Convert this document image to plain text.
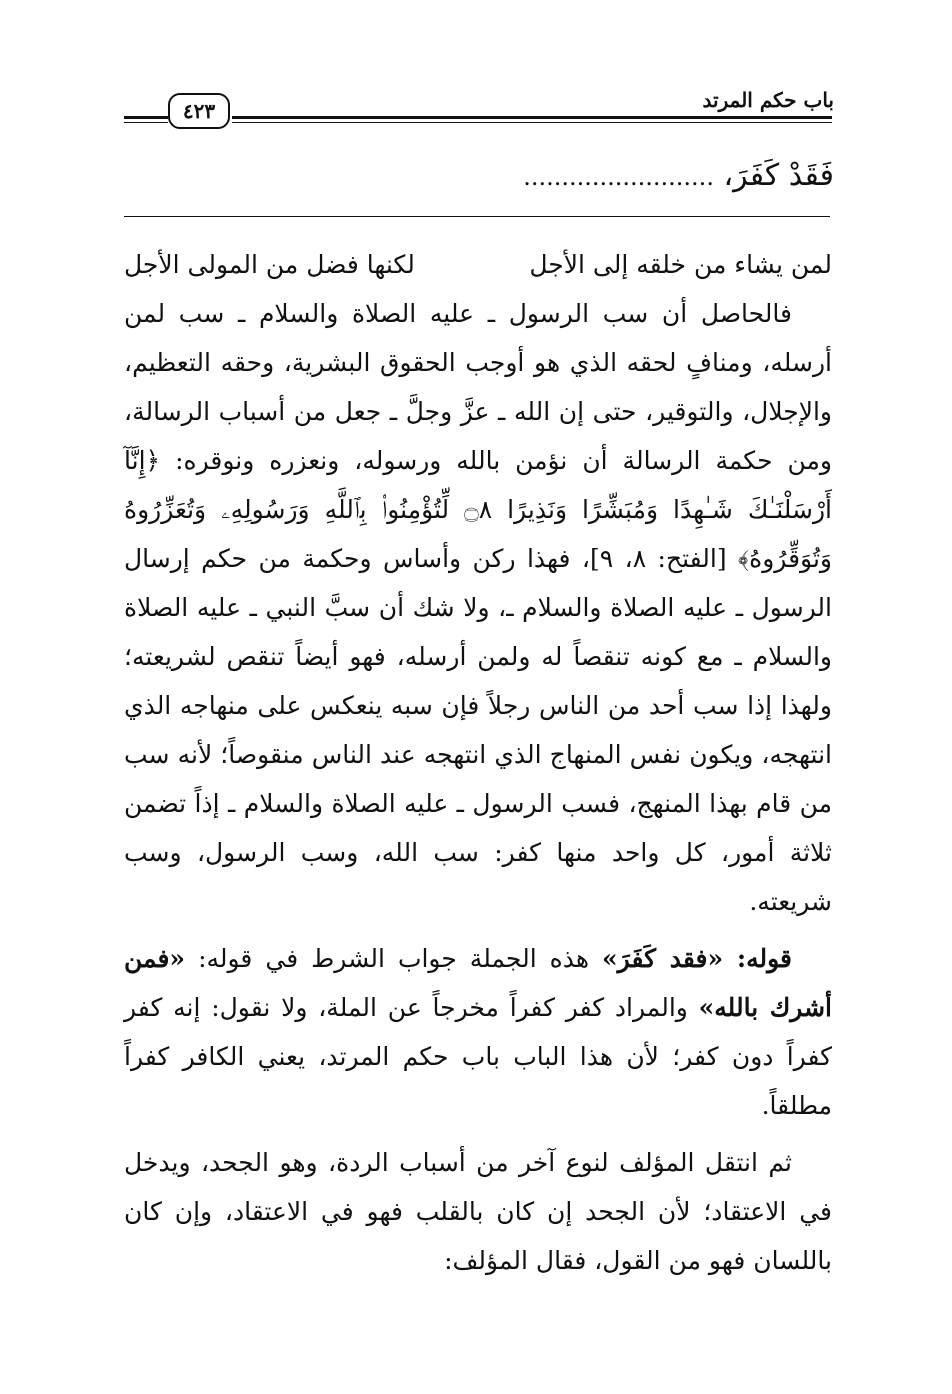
باب حكم المرتد
٤٢٣
فَقَدْ كَفَرَ، .........................
لمن يشاء من خلقه إلى الأجل
لكنها فضل من المولى الأجل

فالحاصل أن سب الرسول ـ عليه الصلاة والسلام ـ سب لمن أرسله، ومنافٍ لحقه الذي هو أوجب الحقوق البشرية، وحقه التعظيم، والإجلال، والتوقير، حتى إن الله ـ عزَّ وجلَّ ـ جعل من أسباب الرسالة، ومن حكمة الرسالة أن نؤمن بالله ورسوله، ونعزره ونوقره: ﴿إِنَّآ أَرْسَلْنَـٰكَ شَـٰهِدًا وَمُبَشِّرًا وَنَذِيرًا ۝٨ لِّتُؤْمِنُوا۟ بِٱللَّهِ وَرَسُولِهِۦ وَتُعَزِّرُوهُ وَتُوَقِّرُوهُ﴾ [الفتح: ٨، ٩]، فهذا ركن وأساس وحكمة من حكم إرسال الرسول ـ عليه الصلاة والسلام ـ، ولا شك أن سبَّ النبي ـ عليه الصلاة والسلام ـ مع كونه تنقصاً له ولمن أرسله، فهو أيضاً تنقص لشريعته؛ ولهذا إذا سب أحد من الناس رجلاً فإن سبه ينعكس على منهاجه الذي انتهجه، ويكون نفس المنهاج الذي انتهجه عند الناس منقوصاً؛ لأنه سب من قام بهذا المنهج، فسب الرسول ـ عليه الصلاة والسلام ـ إذاً تضمن ثلاثة أمور، كل واحد منها كفر: سب الله، وسب الرسول، وسب شريعته.

قوله: «فقد كَفَرَ» هذه الجملة جواب الشرط في قوله: «فمن أشرك بالله» والمراد كفر كفراً مخرجاً عن الملة، ولا نقول: إنه كفر كفراً دون كفر؛ لأن هذا الباب باب حكم المرتد، يعني الكافر كفراً مطلقاً.

ثم انتقل المؤلف لنوع آخر من أسباب الردة، وهو الجحد، ويدخل في الاعتقاد؛ لأن الجحد إن كان بالقلب فهو في الاعتقاد، وإن كان باللسان فهو من القول، فقال المؤلف:
